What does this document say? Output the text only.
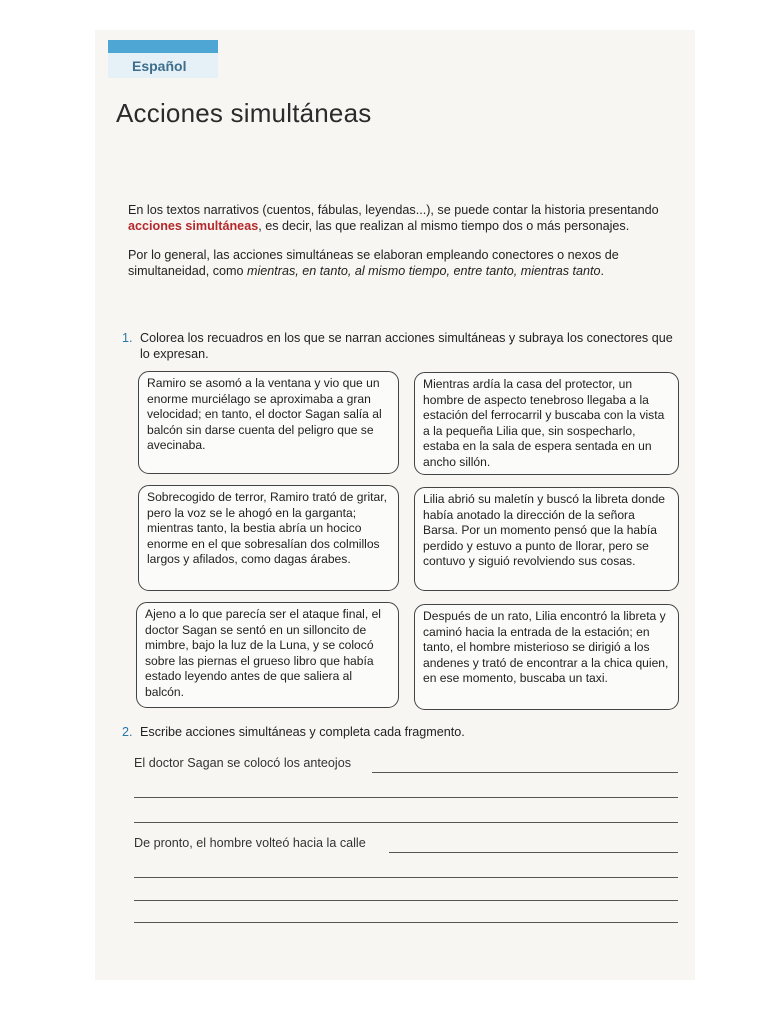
Español
Acciones simultáneas

En los textos narrativos (cuentos, fábulas, leyendas...), se puede contar la historia presentando acciones simultáneas, es decir, las que realizan al mismo tiempo dos o más personajes.

Por lo general, las acciones simultáneas se elaboran empleando conectores o nexos de simultaneidad, como mientras, en tanto, al mismo tiempo, entre tanto, mientras tanto.

1. Colorea los recuadros en los que se narran acciones simultáneas y subraya los conectores que lo expresan.
Ramiro se asomó a la ventana y vio que un enorme murciélago se aproximaba a gran velocidad; en tanto, el doctor Sagan salía al balcón sin darse cuenta del peligro que se avecinaba.
Mientras ardía la casa del protector, un hombre de aspecto tenebroso llegaba a la estación del ferrocarril y buscaba con la vista a la pequeña Lilia que, sin sospecharlo, estaba en la sala de espera sentada en un ancho sillón.
Sobrecogido de terror, Ramiro trató de gritar, pero la voz se le ahogó en la garganta; mientras tanto, la bestia abría un hocico enorme en el que sobresalían dos colmillos largos y afilados, como dagas árabes.
Lilia abrió su maletín y buscó la libreta donde había anotado la dirección de la señora Barsa. Por un momento pensó que la había perdido y estuvo a punto de llorar, pero se contuvo y siguió revolviendo sus cosas.
Ajeno a lo que parecía ser el ataque final, el doctor Sagan se sentó en un silloncito de mimbre, bajo la luz de la Luna, y se colocó sobre las piernas el grueso libro que había estado leyendo antes de que saliera al balcón.
Después de un rato, Lilia encontró la libreta y caminó hacia la entrada de la estación; en tanto, el hombre misterioso se dirigió a los andenes y trató de encontrar a la chica quien, en ese momento, buscaba un taxi.
2. Escribe acciones simultáneas y completa cada fragmento.
El doctor Sagan se colocó los anteojos
De pronto, el hombre volteó hacia la calle
